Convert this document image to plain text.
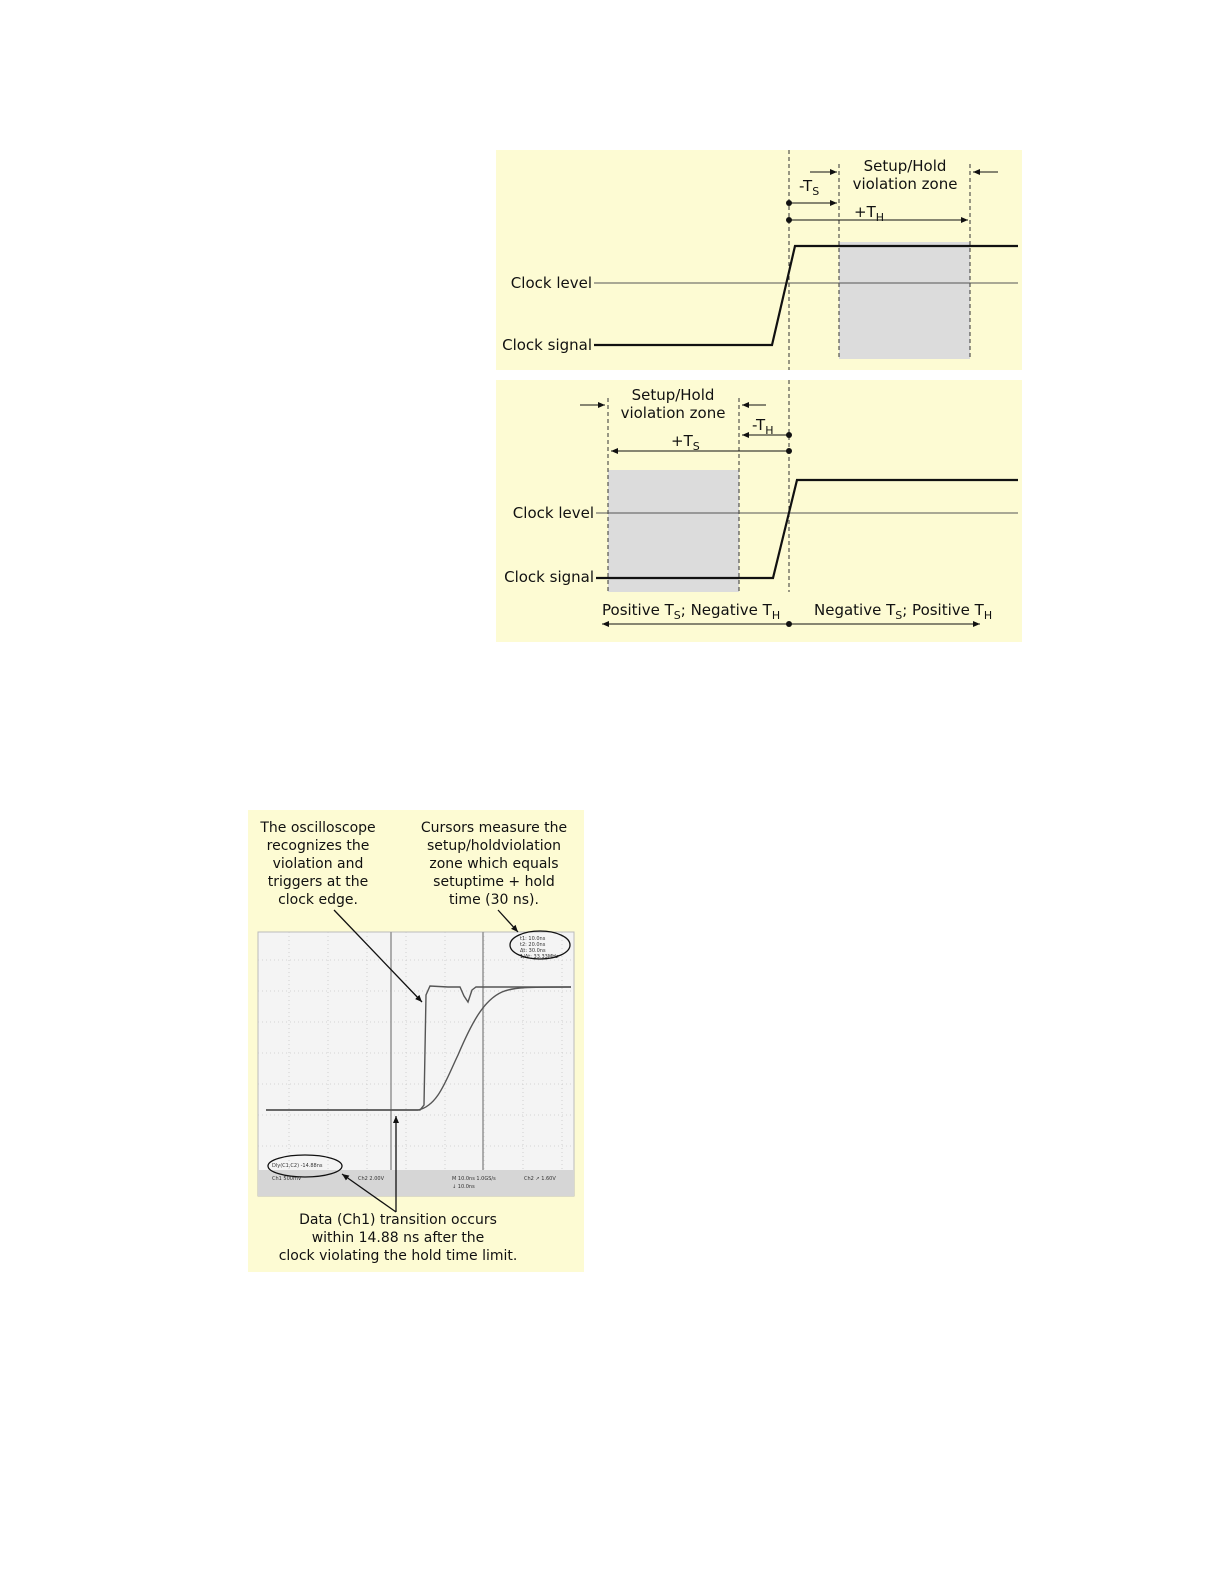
Setup/Hold
violation zone
$-T_S$
$+T_H$
Clock level
Clock signal
Setup/Hold
violation zone
$-T_H$
$+T_S$
Clock level
Clock signal
Positive $T_S$; Negative $T_H$ Negative $T_S$; Positive $T_H$
The oscilloscope
recognizes the
violation and
triggers at the
clock edge.
Cursors measure the
setup/holdviolation
zone which equals
setuptime + hold
time (30 ns).
t1: 10.0ns
t2: 20.0ns
Δt: 30.0ns
1/Δt: 33.33MHz
Dly(C1,C2) -14.88ns
Ch1 500mV	Ch2 2.00V	M 10.0ns 1.0GS/s	Ch2 ↗ 1.60V
↓ 10.0ns
Data (Ch1) transition occurs
within 14.88 ns after the
clock violating the hold time limit.
